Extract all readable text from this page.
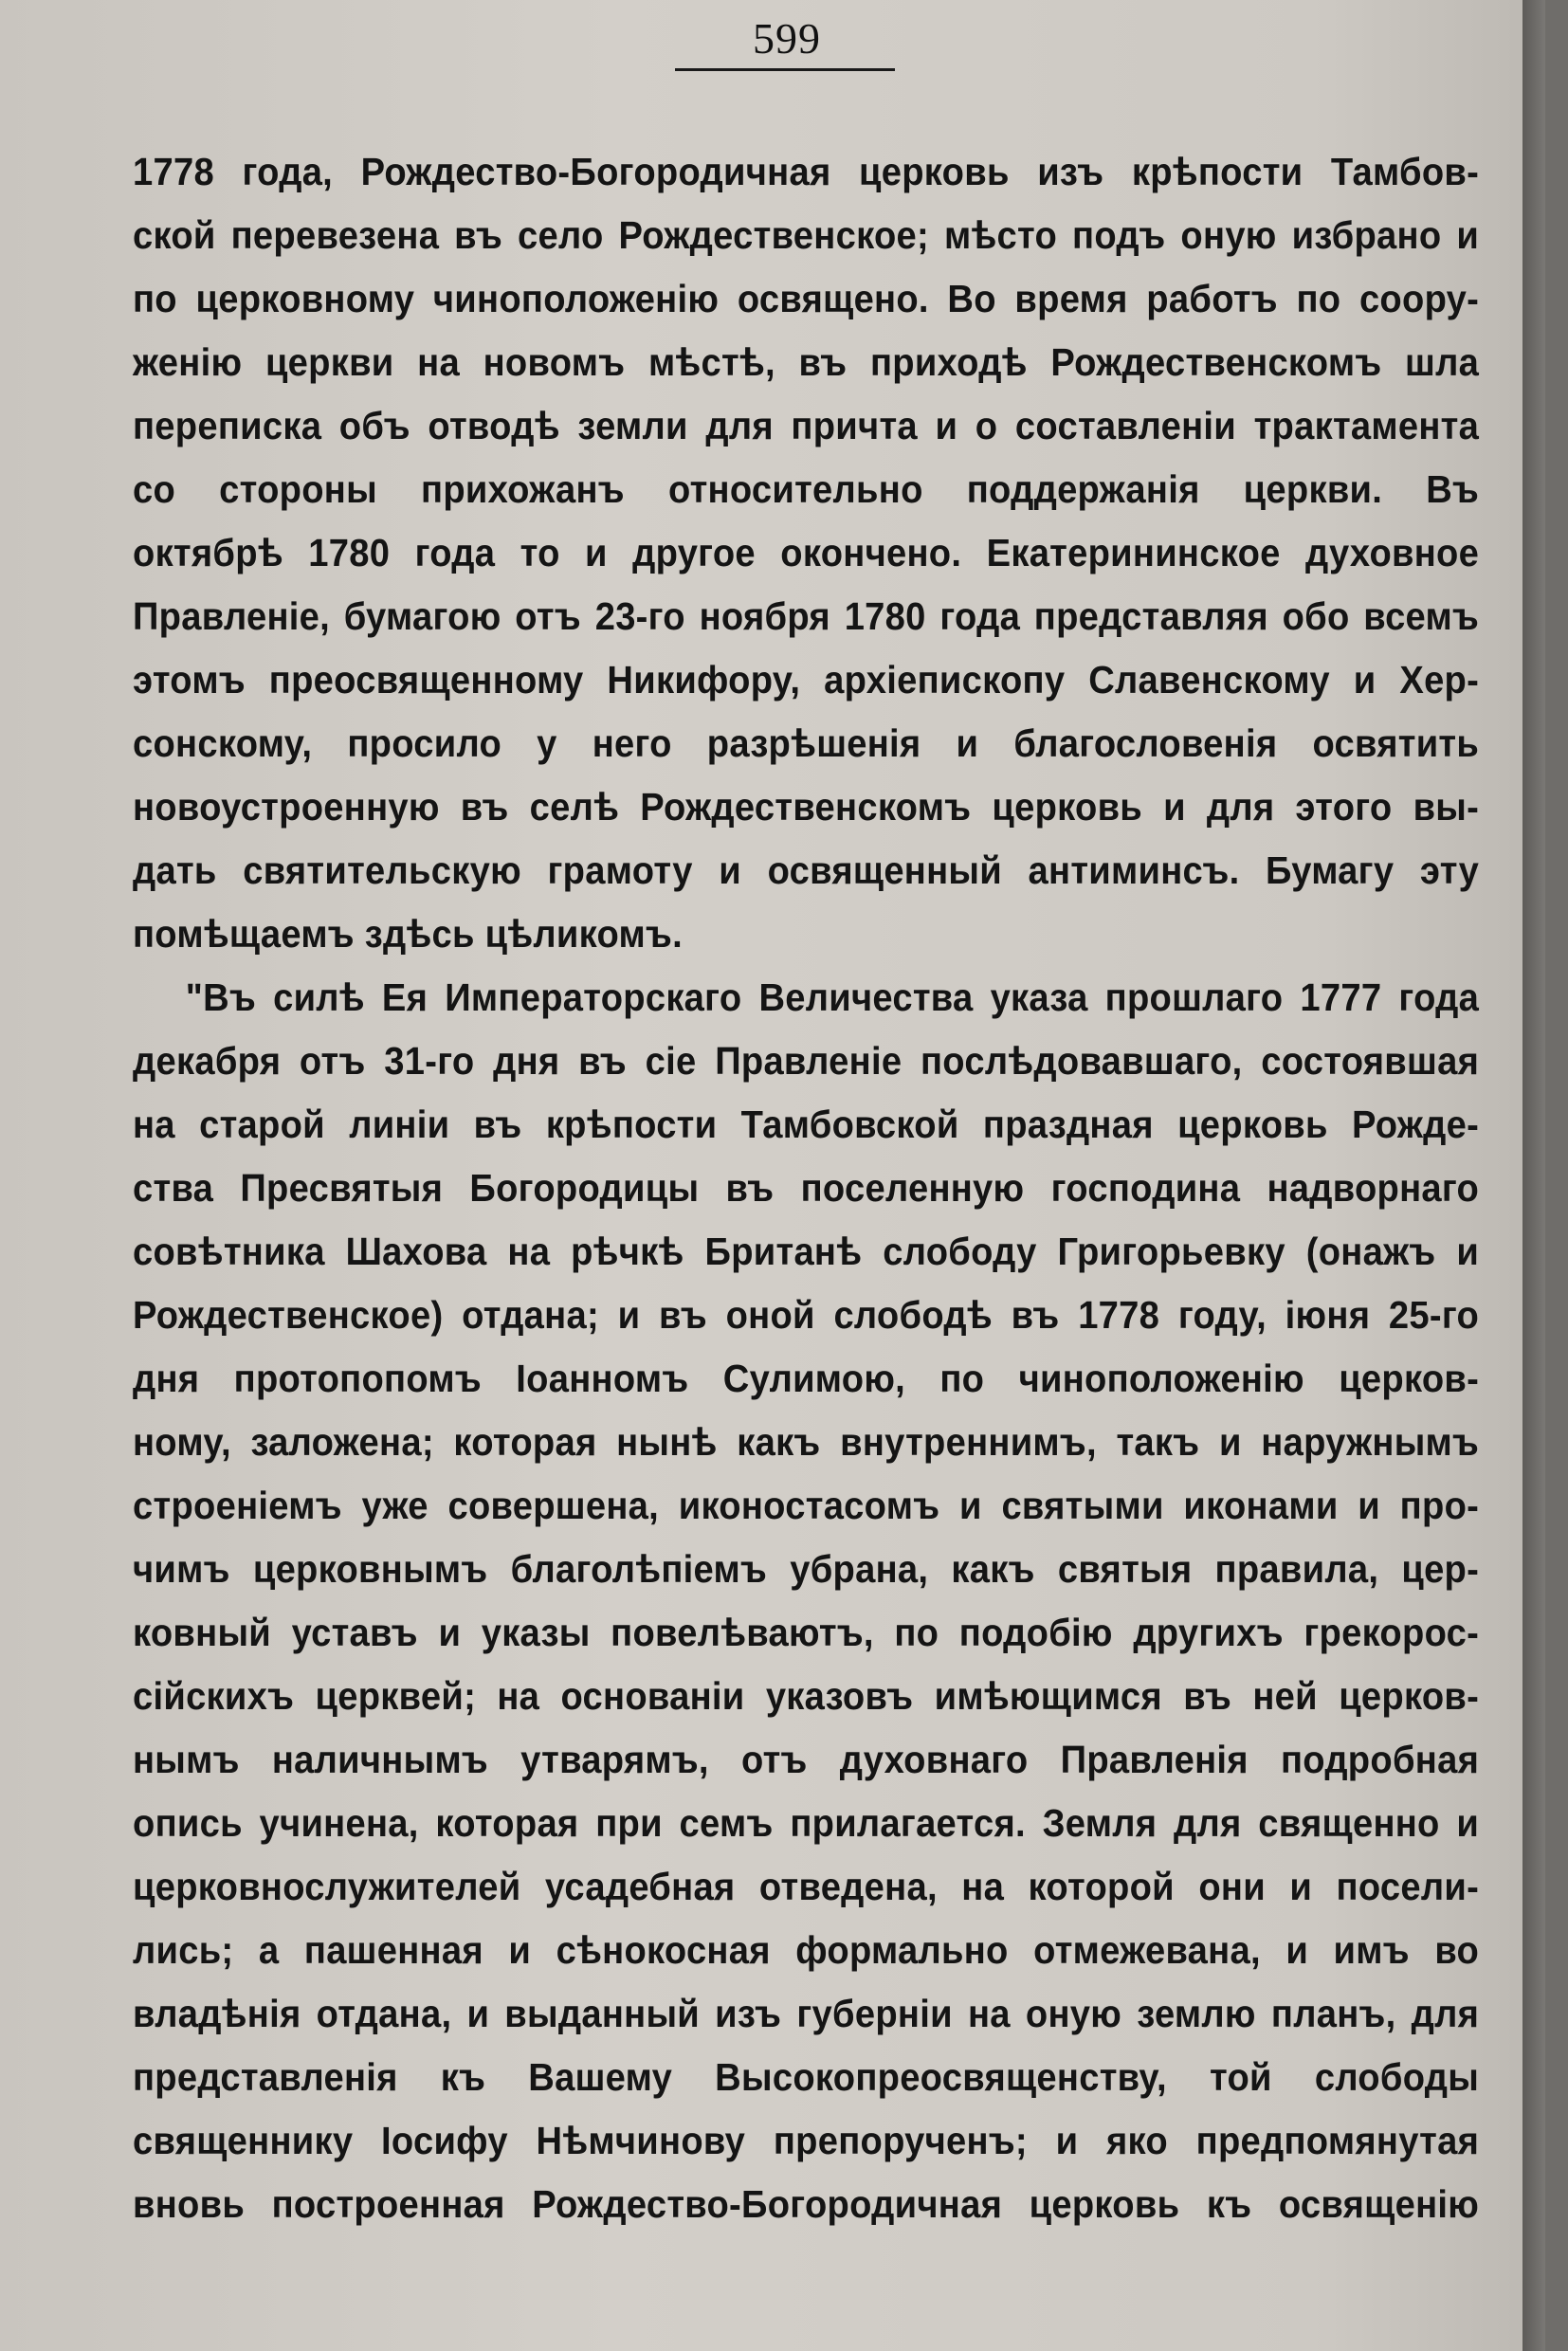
599
1778 года, Рождество-Богородичная церковь изъ крѣпости Тамбов-
ской перевезена въ село Рождественское; мѣсто подъ оную избрано и
по церковному чиноположенію освящено. Во время работъ по соору-
женію церкви на новомъ мѣстѣ, въ приходѣ Рождественскомъ шла
переписка объ отводѣ земли для причта и о составленіи трактамента
со стороны прихожанъ относительно поддержанія церкви. Въ
октябрѣ 1780 года то и другое окончено. Екатерининское духовное
Правленіе, бумагою отъ 23-го ноября 1780 года представляя обо всемъ
этомъ преосвященному Никифору, архіепископу Славенскому и Хер-
сонскому, просило у него разрѣшенія и благословенія освятить
новоустроенную въ селѣ Рождественскомъ церковь и для этого вы-
дать святительскую грамоту и освященный антиминсъ. Бумагу эту
помѣщаемъ здѣсь цѣликомъ.
"Въ силѣ Ея Императорскаго Величества указа прошлаго 1777 года
декабря отъ 31-го дня въ сіе Правленіе послѣдовавшаго, состоявшая
на старой линіи въ крѣпости Тамбовской праздная церковь Рожде-
ства Пресвятыя Богородицы въ поселенную господина надворнаго
совѣтника Шахова на рѣчкѣ Британѣ слободу Григорьевку (онажъ и
Рождественское) отдана; и въ оной слободѣ въ 1778 году, іюня 25-го
дня протопопомъ Іоанномъ Сулимою, по чиноположенію церков-
ному, заложена; которая нынѣ какъ внутреннимъ, такъ и наружнымъ
строеніемъ уже совершена, иконостасомъ и святыми иконами и про-
чимъ церковнымъ благолѣпіемъ убрана, какъ святыя правила, цер-
ковный уставъ и указы повелѣваютъ, по подобію другихъ грекорос-
сійскихъ церквей; на основаніи указовъ имѣющимся въ ней церков-
нымъ наличнымъ утварямъ, отъ духовнаго Правленія подробная
опись учинена, которая при семъ прилагается. Земля для священно и
церковнослужителей усадебная отведена, на которой они и посели-
лись; а пашенная и сѣнокосная формально отмежевана, и имъ во
владѣнія отдана, и выданный изъ губерніи на оную землю планъ, для
представленія къ Вашему Высокопреосвященству, той слободы
священнику Іосифу Нѣмчинову препорученъ; и яко предпомянутая
вновь построенная Рождество-Богородичная церковь къ освященію
